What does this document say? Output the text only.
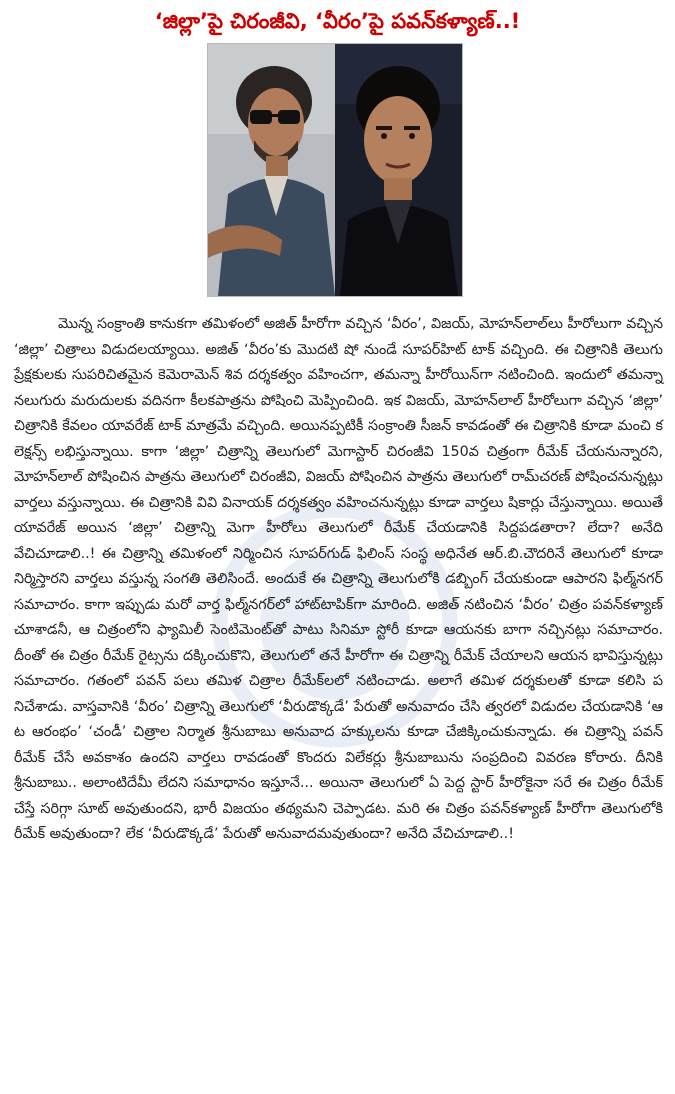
‘జిల్లా’పై చిరంజీవి, ‘వీరం’పై పవన్‌కళ్యాణ్‌..!

మొన్న సంక్రాంతి కానుకగా తమిళంలో అజిత్‌ హీరోగా వచ్చిన ‘వీరం’, విజయ్‌, మోహన్‌లాల్‌లు హీరోలుగా వచ్చిన ‘జిల్లా’ చిత్రాలు విడుదలయ్యాయి. అజిత్‌ ‘వీరం’కు మొదటి షో నుండే సూపర్‌హిట్‌ టాక్‌ వచ్చింది. ఈ చిత్రానికి తెలుగు ప్రేక్షకులకు సుపరిచితమైన కెమెరామెన్‌ శివ దర్శకత్వం వహించగా, తమన్నా హీరోయిన్‌గా నటించింది. ఇందులో తమన్నా నలుగురు మరుదులకు వదినగా కీలకపాత్రను పోషించి మెప్పించింది. ఇక విజయ్‌, మోహన్‌లాల్‌ హీరోలుగా వచ్చిన ‘జిల్లా’ చిత్రానికి కేవలం యావరేజ్‌ టాక్‌ మాత్రమే వచ్చింది. అయినప్పటికీ సంక్రాంతి సీజన్‌ కావడంతో ఈ చిత్రానికి కూడా మంచి కలెక్షన్స్‌ లభిస్తున్నాయి. కాగా ‘జిల్లా’ చిత్రాన్ని తెలుగులో మెగాస్టార్‌ చిరంజీవి 150వ చిత్రంగా రీమేక్‌ చేయనున్నారని, మోహన్‌లాల్‌ పోషించిన పాత్రను తెలుగులో చిరంజీవి, విజయ్‌ పోషించిన పాత్రను తెలుగులో రామ్‌చరణ్‌ పోషించనున్నట్లు వార్తలు వస్తున్నాయి. ఈ చిత్రానికి వివి వినాయక్‌ దర్శకత్వం వహించనున్నట్లు కూడా వార్తలు షికార్లు చేస్తున్నాయి. అయితే యావరేజ్‌ అయిన ‘జిల్లా’ చిత్రాన్ని మెగా హీరోలు తెలుగులో రీమేక్‌ చేయడానికి సిద్దపడతారా? లేదా? అనేది వేచిచూడాలి..! ఈ చిత్రాన్ని తమిళంలో నిర్మించిన సూపర్‌గుడ్‌ ఫిలింస్‌ సంస్థ అధినేత ఆర్‌.బి.చౌదరినే తెలుగులో కూడా నిర్మిస్తారని వార్తలు వస్తున్న సంగతి తెలిసిందే. అందుకే ఈ చిత్రాన్ని తెలుగులోకి డబ్బింగ్‌ చేయకుండా ఆపారని ఫిల్మ్‌నగర్‌ సమాచారం. కాగా ఇప్పుడు మరో వార్త ఫిల్మ్‌నగర్‌లో హాట్‌టాపిక్‌గా మారింది. అజిత్‌ నటించిన ‘వీరం’ చిత్రం పవన్‌కళ్యాణ్‌ చూశాడనీ, ఆ చిత్రంలోని ఫ్యామిలీ సెంటిమెంట్‌తో పాటు సినిమా స్టోరీ కూడా ఆయనకు బాగా నచ్చినట్లు సమాచారం. దీంతో ఈ చిత్రం రీమేక్‌ రైట్సను దక్కించుకొని, తెలుగులో తనే హీరోగా ఈ చిత్రాన్ని రీమేక్‌ చేయాలని ఆయన భావిస్తున్నట్లు సమాచారం. గతంలో పవన్‌ పలు తమిళ చిత్రాల రీమేక్‌లలో నటించాడు. అలాగే తమిళ దర్శకులతో కూడా కలిసి పనిచేశాడు. వాస్తవానికి ‘వీరం’ చిత్రాన్ని తెలుగులో ‘వీరుడొక్కడే’ పేరుతో అనువాదం చేసి త్వరలో విడుదల చేయడానికి ‘ఆట ఆరంభం’ ‘చండీ’ చిత్రాల నిర్మాత శ్రీనుబాబు అనువాద హక్కులను కూడా చేజిక్కించుకున్నాడు. ఈ చిత్రాన్ని పవన్‌ రీమేక్‌ చేసే అవకాశం ఉందని వార్తలు రావడంతో కొందరు విలేకర్లు శ్రీనుబాబును సంప్రదించి వివరణ కోరారు. దీనికి శ్రీనుబాబు.. అలాంటిదేమీ లేదని సమాధానం ఇస్తూనే... అయినా తెలుగులో ఏ పెద్ద స్టార్‌ హీరోకైనా సరే ఈ చిత్రం రీమేక్‌ చేస్తే సరిగ్గా సూట్‌ అవుతుందని, భారీ విజయం తథ్యమని చెప్పాడట. మరి ఈ చిత్రం పవన్‌కళ్యాణ్‌ హీరోగా తెలుగులోకి రీమేక్‌ అవుతుందా? లేక ‘వీరుడొక్కడే’ పేరుతో అనువాదమవుతుందా? అనేది వేచిచూడాలి..!
